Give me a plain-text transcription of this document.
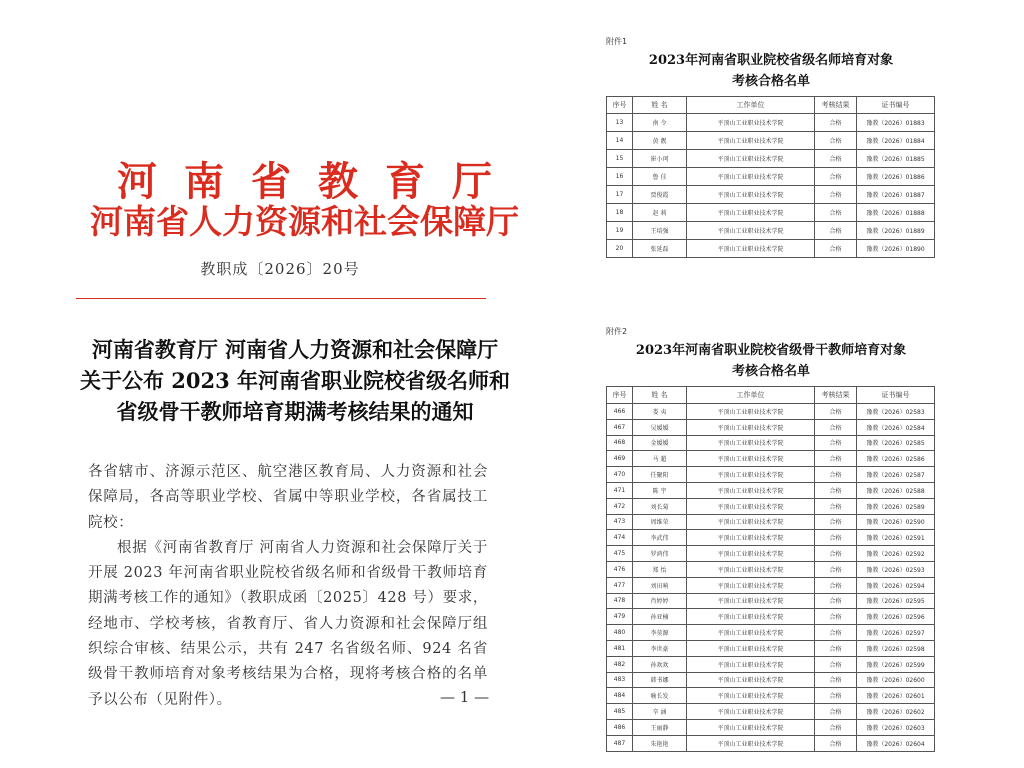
河南省教育厅
河南省人力资源和社会保障厅
教职成〔2026〕20号
河南省教育厅 河南省人力资源和社会保障厅
关于公布 2023 年河南省职业院校省级名师和
省级骨干教师培育期满考核结果的通知

各省辖市、济源示范区、航空港区教育局、人力资源和社会保障局，各高等职业学校、省属中等职业学校，各省属技工院校：

根据《河南省教育厅 河南省人力资源和社会保障厅关于开展 2023 年河南省职业院校省级名师和省级骨干教师培育期满考核工作的通知》（教职成函〔2025〕428 号）要求，经地市、学校考核，省教育厅、省人力资源和社会保障厅组织综合审核、结果公示，共有 247 名省级名师、924 名省级骨干教师培育对象考核结果为合格，现将考核合格的名单予以公布（见附件）。	— 1 —
附件1
2023年河南省职业院校省级名师培育对象
考核合格名单
序号	姓 名	工作单位	考核结果	证书编号
13	南 令	平顶山工业职业技术学院	合格	豫教（2026）01883
14	黄 靓	平顶山工业职业技术学院	合格	豫教（2026）01884
15	崔小珂	平顶山工业职业技术学院	合格	豫教（2026）01885
16	鲁 佳	平顶山工业职业技术学院	合格	豫教（2026）01886
17	贾俊霞	平顶山工业职业技术学院	合格	豫教（2026）01887
18	赵 莉	平顶山工业职业技术学院	合格	豫教（2026）01888
19	王培强	平顶山工业职业技术学院	合格	豫教（2026）01889
20	张延磊	平顶山工业职业技术学院	合格	豫教（2026）01890
附件2
2023年河南省职业院校省级骨干教师培育对象
考核合格名单
序号	姓 名	工作单位	考核结果	证书编号
466	娄 夷	平顶山工业职业技术学院	合格	豫教（2026）02583
467	吴媛媛	平顶山工业职业技术学院	合格	豫教（2026）02584
468	金媛媛	平顶山工业职业技术学院	合格	豫教（2026）02585
469	马 超	平顶山工业职业技术学院	合格	豫教（2026）02586
470	任聚阳	平顶山工业职业技术学院	合格	豫教（2026）02587
471	陈 宇	平顶山工业职业技术学院	合格	豫教（2026）02588
472	刘长菊	平顶山工业职业技术学院	合格	豫教（2026）02589
473	周维荣	平顶山工业职业技术学院	合格	豫教（2026）02590
474	李武伟	平顶山工业职业技术学院	合格	豫教（2026）02591
475	罗鸿伟	平顶山工业职业技术学院	合格	豫教（2026）02592
476	郑 怡	平顶山工业职业技术学院	合格	豫教（2026）02593
477	刘田响	平顶山工业职业技术学院	合格	豫教（2026）02594
478	肖婷婷	平顶山工业职业技术学院	合格	豫教（2026）02595
479	孙亚楠	平顶山工业职业技术学院	合格	豫教（2026）02596
480	李莫源	平顶山工业职业技术学院	合格	豫教（2026）02597
481	李世豪	平顶山工业职业技术学院	合格	豫教（2026）02598
482	孙欢欢	平顶山工业职业技术学院	合格	豫教（2026）02599
483	韩书娜	平顶山工业职业技术学院	合格	豫教（2026）02600
484	喻长发	平顶山工业职业技术学院	合格	豫教（2026）02601
485	辛 涵	平顶山工业职业技术学院	合格	豫教（2026）02602
486	王丽静	平顶山工业职业技术学院	合格	豫教（2026）02603
487	朱艳艳	平顶山工业职业技术学院	合格	豫教（2026）02604
